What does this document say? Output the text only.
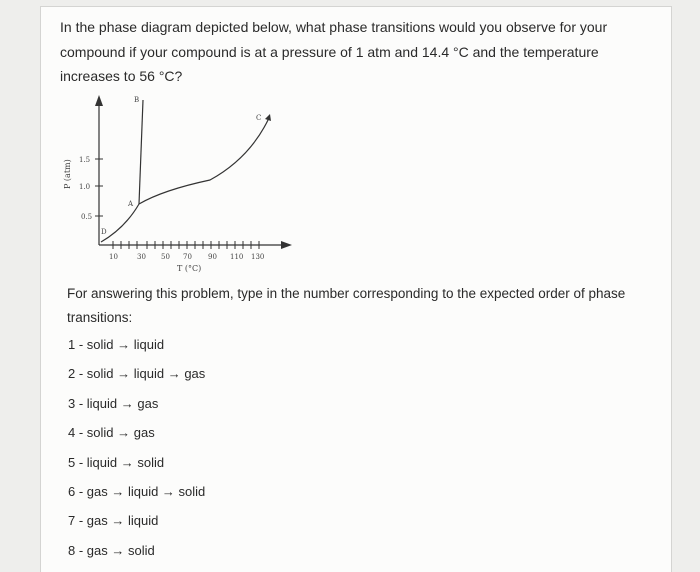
In the phase diagram depicted below, what phase transitions would you observe for your compound if your compound is at a pressure of 1 atm and 14.4 °C and the temperature increases to 56 °C?

1.5
1.0
0.5
P (atm)
10	30 50 70 90 110 130
T (°C)
A
B
C
D

For answering this problem, type in the number corresponding to the expected order of phase transitions:

1 - solid → liquid
2 - solid → liquid → gas
3 - liquid → gas
4 - solid → gas
5 - liquid → solid
6 - gas → liquid → solid
7 - gas → liquid
8 - gas → solid
